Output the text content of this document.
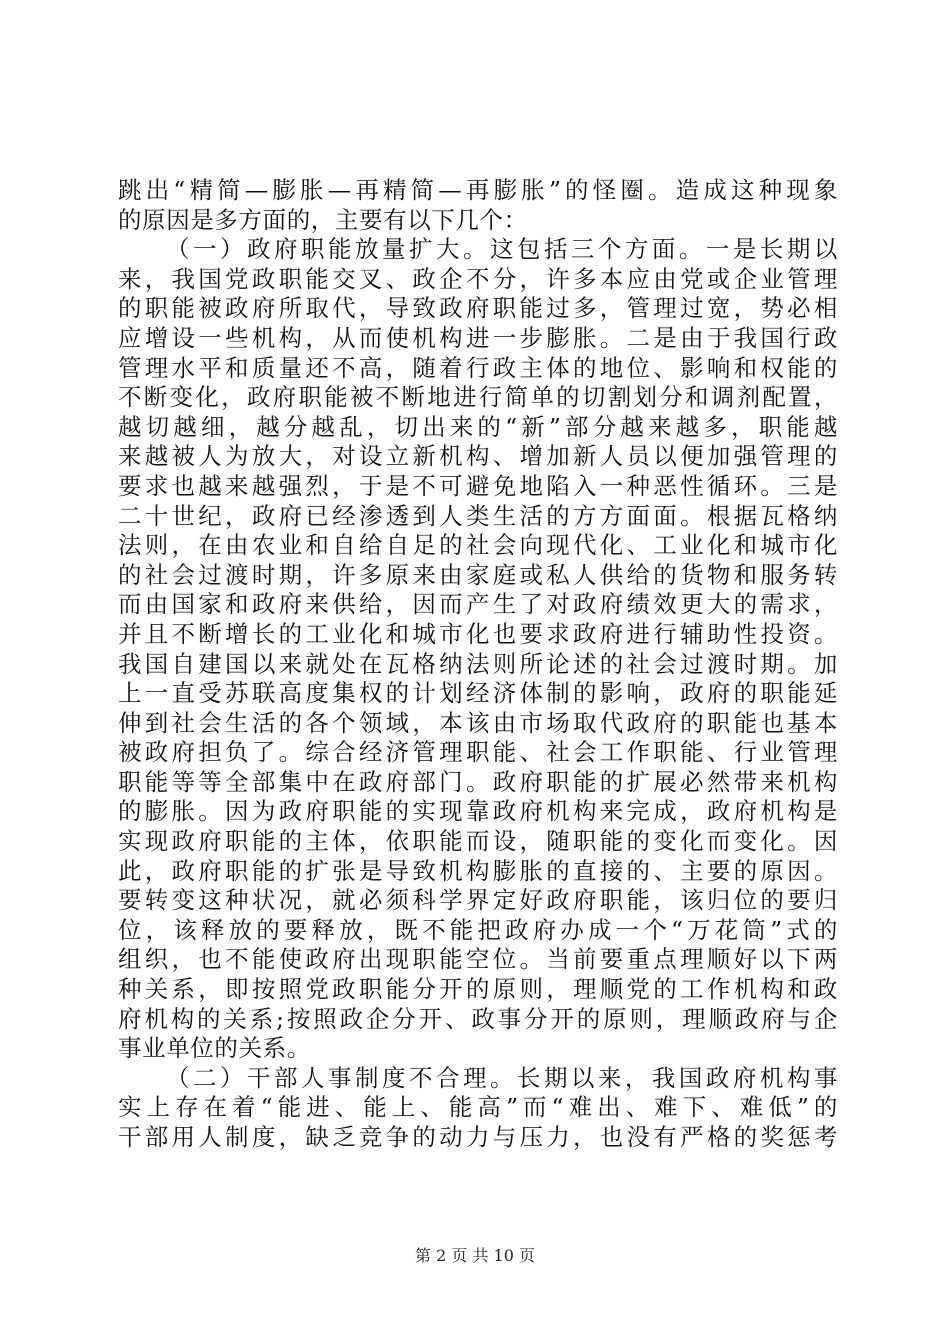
跳出“精简—膨胀—再精简—再膨胀”的怪圈。造成这种现象
的原因是多方面的，主要有以下几个：
（一）政府职能放量扩大。这包括三个方面。一是长期以
来，我国党政职能交叉、政企不分，许多本应由党或企业管理
的职能被政府所取代，导致政府职能过多，管理过宽，势必相
应增设一些机构，从而使机构进一步膨胀。二是由于我国行政
管理水平和质量还不高，随着行政主体的地位、影响和权能的
不断变化，政府职能被不断地进行简单的切割划分和调剂配置，
越切越细，越分越乱，切出来的“新”部分越来越多，职能越
来越被人为放大，对设立新机构、增加新人员以便加强管理的
要求也越来越强烈，于是不可避免地陷入一种恶性循环。三是
二十世纪，政府已经渗透到人类生活的方方面面。根据瓦格纳
法则，在由农业和自给自足的社会向现代化、工业化和城市化
的社会过渡时期，许多原来由家庭或私人供给的货物和服务转
而由国家和政府来供给，因而产生了对政府绩效更大的需求，
并且不断增长的工业化和城市化也要求政府进行辅助性投资。
我国自建国以来就处在瓦格纳法则所论述的社会过渡时期。加
上一直受苏联高度集权的计划经济体制的影响，政府的职能延
伸到社会生活的各个领域，本该由市场取代政府的职能也基本
被政府担负了。综合经济管理职能、社会工作职能、行业管理
职能等等全部集中在政府部门。政府职能的扩展必然带来机构
的膨胀。因为政府职能的实现靠政府机构来完成，政府机构是
实现政府职能的主体，依职能而设，随职能的变化而变化。因
此，政府职能的扩张是导致机构膨胀的直接的、主要的原因。
要转变这种状况，就必须科学界定好政府职能，该归位的要归
位，该释放的要释放，既不能把政府办成一个“万花筒”式的
组织，也不能使政府出现职能空位。当前要重点理顺好以下两
种关系，即按照党政职能分开的原则，理顺党的工作机构和政
府机构的关系;按照政企分开、政事分开的原则，理顺政府与企
事业单位的关系。
（二）干部人事制度不合理。长期以来，我国政府机构事
实上存在着“能进、能上、能高”而“难出、难下、难低”的
干部用人制度，缺乏竞争的动力与压力，也没有严格的奖惩考
第 2 页 共 10 页
